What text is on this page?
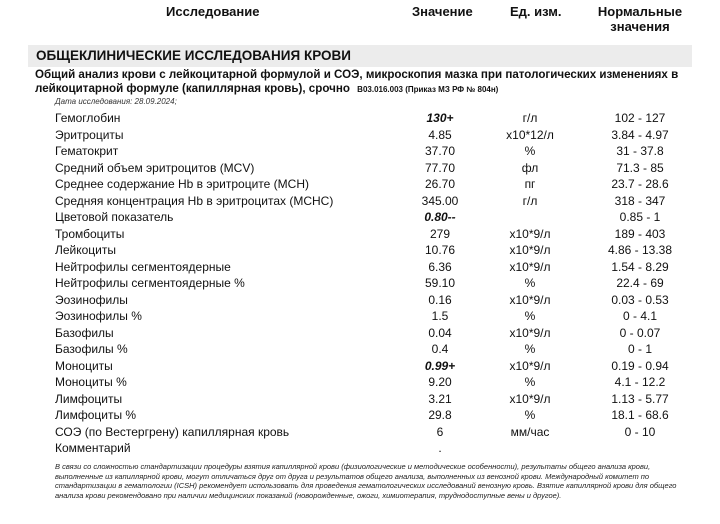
Исследование	Значение	Ед. изм.	Нормальные
значения
ОБЩЕКЛИНИЧЕСКИЕ ИССЛЕДОВАНИЯ КРОВИ
Общий анализ крови с лейкоцитарной формулой и СОЭ, микроскопия мазка при патологических изменениях в лейкоцитарной формуле (капиллярная кровь), срочно В03.016.003 (Приказ МЗ РФ № 804н)
Дата исследования: 28.09.2024;
Гемоглобин	130+	г/л	102 - 127
Эритроциты	4.85	x10*12/л	3.84 - 4.97
Гематокрит	37.70	%	31 - 37.8
Средний объем эритроцитов (MCV)	77.70	фл	71.3 - 85
Среднее содержание Hb в эритроците (MCH)	26.70	пг	23.7 - 28.6
Средняя концентрация Hb в эритроцитах (MCHC)	345.00	г/л	318 - 347
Цветовой показатель	0.80--	0.85 - 1
Тромбоциты	279	x10*9/л	189 - 403
Лейкоциты	10.76	x10*9/л	4.86 - 13.38
Нейтрофилы сегментоядерные	6.36	x10*9/л	1.54 - 8.29
Нейтрофилы сегментоядерные %	59.10	%	22.4 - 69
Эозинофилы	0.16	x10*9/л	0.03 - 0.53
Эозинофилы %	1.5	%	0 - 4.1
Базофилы	0.04	x10*9/л	0 - 0.07
Базофилы %	0.4	%	0 - 1
Моноциты	0.99+	x10*9/л	0.19 - 0.94
Моноциты %	9.20	%	4.1 - 12.2
Лимфоциты	3.21	x10*9/л	1.13 - 5.77
Лимфоциты %	29.8	%	18.1 - 68.6
СОЭ (по Вестергрену) капиллярная кровь	6	мм/час	0 - 10
Комментарий	.
В связи со сложностью стандартизации процедуры взятия капиллярной крови (физиологические и методические особенности), результаты общего анализа крови, выполненные из капиллярной крови, могут отличаться друг от друга и результатов общего анализа, выполненных из венозной крови. Международный комитет по стандартизации в гематологии (ICSH) рекомендует использовать для проведения гематологических исследований венозную кровь. Взятие капиллярной крови для общего анализа крови рекомендовано при наличии медицинских показаний (новорожденные, ожоги, химиотерапия, труднодоступные вены и другое).
